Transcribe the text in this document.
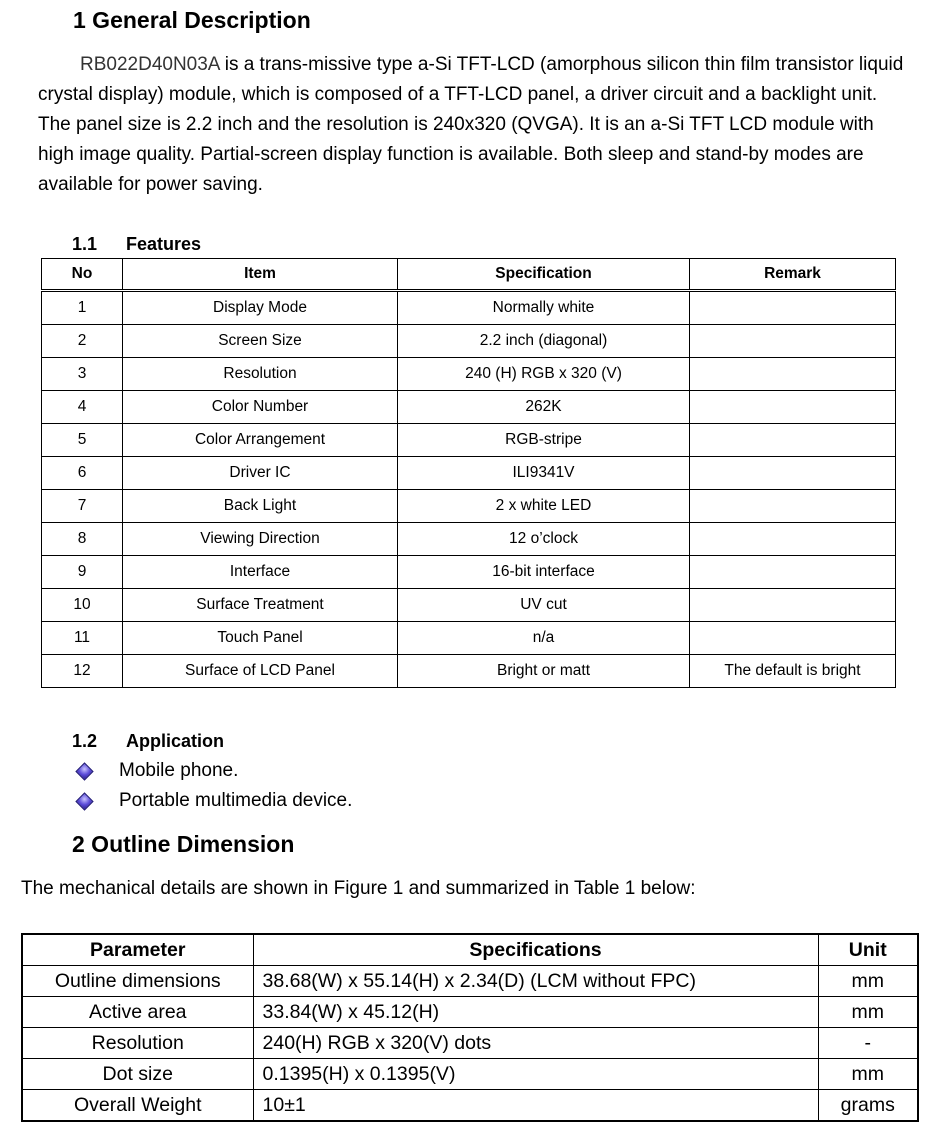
1 General Description

RB022D40N03A is a trans-missive type a-Si TFT-LCD (amorphous silicon thin film transistor liquid crystal display) module, which is composed of a TFT-LCD panel, a driver circuit and a backlight unit. The panel size is 2.2 inch and the resolution is 240x320 (QVGA). It is an a-Si TFT LCD module with high image quality. Partial-screen display function is available. Both sleep and stand-by modes are available for power saving.

1.1 Features
No	Item	Specification	Remark
1	Display Mode	Normally white	
2	Screen Size	2.2 inch (diagonal)	
3	Resolution	240 (H) RGB x 320 (V)	
4	Color Number	262K	
5	Color Arrangement	RGB-stripe	
6	Driver IC	ILI9341V	
7	Back Light	2 x white LED	
8	Viewing Direction	12 o’clock	
9	Interface	16-bit interface	
10	Surface Treatment	UV cut	
11	Touch Panel	n/a	
12	Surface of LCD Panel	Bright or matt	The default is bright
1.2 Application
Mobile phone.
Portable multimedia device.
2 Outline Dimension

The mechanical details are shown in Figure 1 and summarized in Table 1 below:

Parameter	Specifications	Unit
Outline dimensions	38.68(W) x 55.14(H) x 2.34(D) (LCM without FPC)	mm
Active area	33.84(W) x 45.12(H)	mm
Resolution	240(H) RGB x 320(V) dots	-
Dot size	0.1395(H) x 0.1395(V)	mm
Overall Weight	10±1	grams
